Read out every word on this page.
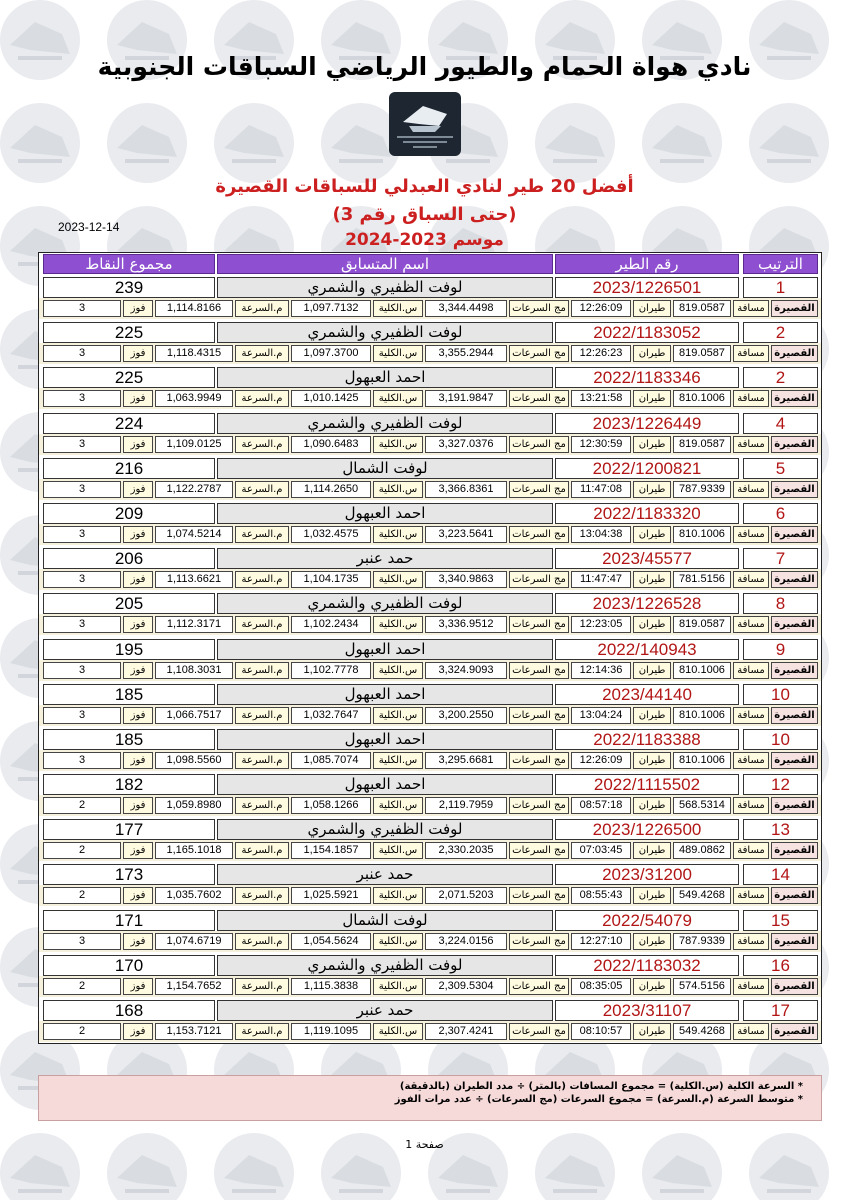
نادي هواة الحمام والطيور الرياضي السباقات الجنوبية
أفضل 20 طير لنادي العبدلي للسباقات القصيرة
(حتى السباق رقم 3)
موسم 2023-2024
2023-12-14
الترتيب
رقم الطير
اسم المتسابق
مجموع النقاط
1
2023/1226501
لوفت الظفيري والشمري
239
القصيرة
مسافة
819.0587
طيران
12:26:09
مج السرعات
3,344.4498
س.الكلية
1,097.7132
م.السرعة
1,114.8166
فوز
3
2
2022/1183052
لوفت الظفيري والشمري
225
القصيرة
مسافة
819.0587
طيران
12:26:23
مج السرعات
3,355.2944
س.الكلية
1,097.3700
م.السرعة
1,118.4315
فوز
3
2
2022/1183346
احمد العبهول
225
القصيرة
مسافة
810.1006
طيران
13:21:58
مج السرعات
3,191.9847
س.الكلية
1,010.1425
م.السرعة
1,063.9949
فوز
3
4
2023/1226449
لوفت الظفيري والشمري
224
القصيرة
مسافة
819.0587
طيران
12:30:59
مج السرعات
3,327.0376
س.الكلية
1,090.6483
م.السرعة
1,109.0125
فوز
3
5
2022/1200821
لوفت الشمال
216
القصيرة
مسافة
787.9339
طيران
11:47:08
مج السرعات
3,366.8361
س.الكلية
1,114.2650
م.السرعة
1,122.2787
فوز
3
6
2022/1183320
احمد العبهول
209
القصيرة
مسافة
810.1006
طيران
13:04:38
مج السرعات
3,223.5641
س.الكلية
1,032.4575
م.السرعة
1,074.5214
فوز
3
7
2023/45577
حمد عنبر
206
القصيرة
مسافة
781.5156
طيران
11:47:47
مج السرعات
3,340.9863
س.الكلية
1,104.1735
م.السرعة
1,113.6621
فوز
3
8
2023/1226528
لوفت الظفيري والشمري
205
القصيرة
مسافة
819.0587
طيران
12:23:05
مج السرعات
3,336.9512
س.الكلية
1,102.2434
م.السرعة
1,112.3171
فوز
3
9
2022/140943
احمد العبهول
195
القصيرة
مسافة
810.1006
طيران
12:14:36
مج السرعات
3,324.9093
س.الكلية
1,102.7778
م.السرعة
1,108.3031
فوز
3
10
2023/44140
احمد العبهول
185
القصيرة
مسافة
810.1006
طيران
13:04:24
مج السرعات
3,200.2550
س.الكلية
1,032.7647
م.السرعة
1,066.7517
فوز
3
10
2022/1183388
احمد العبهول
185
القصيرة
مسافة
810.1006
طيران
12:26:09
مج السرعات
3,295.6681
س.الكلية
1,085.7074
م.السرعة
1,098.5560
فوز
3
12
2022/1115502
احمد العبهول
182
القصيرة
مسافة
568.5314
طيران
08:57:18
مج السرعات
2,119.7959
س.الكلية
1,058.1266
م.السرعة
1,059.8980
فوز
2
13
2023/1226500
لوفت الظفيري والشمري
177
القصيرة
مسافة
489.0862
طيران
07:03:45
مج السرعات
2,330.2035
س.الكلية
1,154.1857
م.السرعة
1,165.1018
فوز
2
14
2023/31200
حمد عنبر
173
القصيرة
مسافة
549.4268
طيران
08:55:43
مج السرعات
2,071.5203
س.الكلية
1,025.5921
م.السرعة
1,035.7602
فوز
2
15
2022/54079
لوفت الشمال
171
القصيرة
مسافة
787.9339
طيران
12:27:10
مج السرعات
3,224.0156
س.الكلية
1,054.5624
م.السرعة
1,074.6719
فوز
3
16
2022/1183032
لوفت الظفيري والشمري
170
القصيرة
مسافة
574.5156
طيران
08:35:05
مج السرعات
2,309.5304
س.الكلية
1,115.3838
م.السرعة
1,154.7652
فوز
2
17
2023/31107
حمد عنبر
168
القصيرة
مسافة
549.4268
طيران
08:10:57
مج السرعات
2,307.4241
س.الكلية
1,119.1095
م.السرعة
1,153.7121
فوز
2
* السرعة الكلية (س.الكلية) = مجموع المسافات (بالمتر) ÷ مدد الطيران (بالدقيقة)
* متوسط السرعة (م.السرعة) = مجموع السرعات (مج السرعات) ÷ عدد مرات الفوز
صفحة 1
